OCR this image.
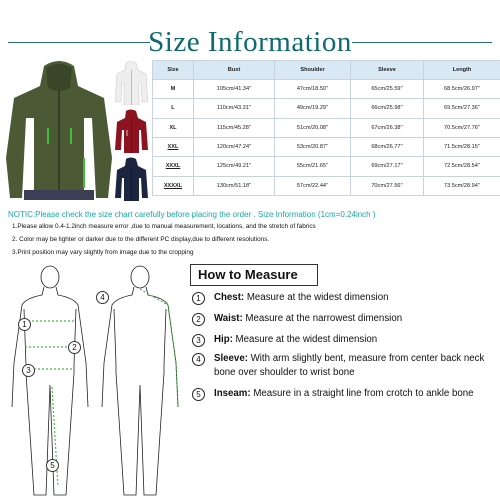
Size Information
Size	Bust	Shoulder	Sleeve	Length
M	105cm/41.34''	47cm/18.50''	65cm/25.59''	68.5cm/26.97''
L	110cm/43.31''	49cm/19.29''	66cm/25.98''	69.5cm/27.36''
XL	115cm/45.28''	51cm/20.08''	67cm/26.38''	70.5cm/27.76''
XXL	120cm/47.24''	53cm/20.87''	68cm/26.77''	71.5cm/28.15''
XXXL	125cm/49.21''	55cm/21.65''	69cm/27.17''	72.5cm/28.54''
XXXXL	130cm/51.18''	57cm/22.44''	70cm/27.56''	73.5cm/28.94''
NOTIC:Please check the size chart carefully before placing the order . Size Information (1cm=0.24inch )
1.Please allow 0.4-1.2inch measure error ,due to manual measurement, locations, and the stretch of fabrics
2. Color may be lighter or darker due to the different PC display,due to different resolutions.
3.Print position may vary slightly from image due to the cropping
1
2
3
4
5
How to Measure
1	Chest: Measure at the widest dimension
2	Waist: Measure at the narrowest dimension
3	Hip: Measure at the widest dimension
4	Sleeve: With arm slightly bent, measure from center back neck bone over shoulder to wrist bone
5	Inseam: Measure in a straight line from crotch to ankle bone
